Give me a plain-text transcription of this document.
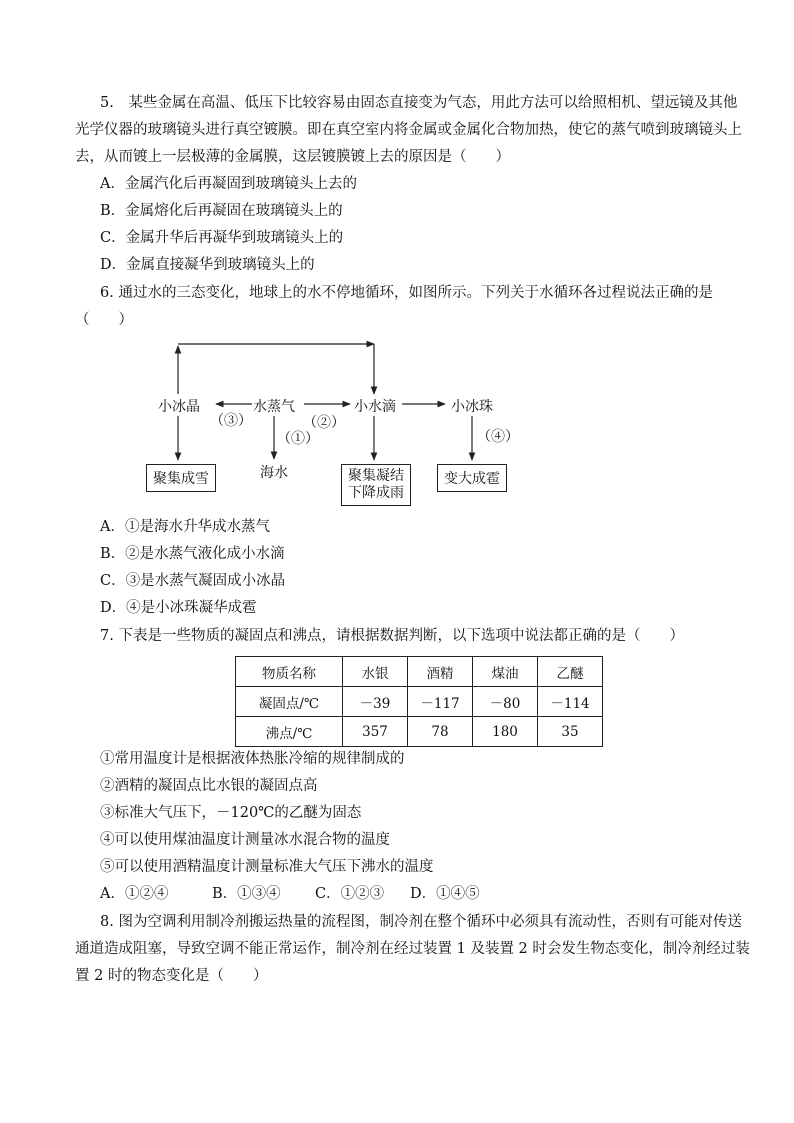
5.　某些金属在高温、低压下比较容易由固态直接变为气态，用此方法可以给照相机、望远镜及其他
光学仪器的玻璃镜头进行真空镀膜。即在真空室内将金属或金属化合物加热，使它的蒸气喷到玻璃镜头上
去，从而镀上一层极薄的金属膜，这层镀膜镀上去的原因是（　　）
A．金属汽化后再凝固到玻璃镜头上去的
B．金属熔化后再凝固在玻璃镜头上的
C．金属升华后再凝华到玻璃镜头上的
D．金属直接凝华到玻璃镜头上的
6. 通过水的三态变化，地球上的水不停地循环，如图所示。下列关于水循环各过程说法正确的是
（　　）
小冰晶	水蒸气	小水滴	小冰珠
（③）	（②）
（①）	（④）
海水
聚集成雪	聚集凝结
下降成雨
变大成雹
A．①是海水升华成水蒸气
B．②是水蒸气液化成小水滴
C．③是水蒸气凝固成小冰晶
D．④是小冰珠凝华成雹
7. 下表是一些物质的凝固点和沸点，请根据数据判断，以下选项中说法都正确的是（　　）
物质名称	水银	酒精	煤油	乙醚
凝固点/℃	－39	－117	－80	－114
沸点/℃	357	78	180	35
①常用温度计是根据液体热胀冷缩的规律制成的
②酒精的凝固点比水银的凝固点高
③标准大气压下，－120℃的乙醚为固态
④可以使用煤油温度计测量冰水混合物的温度
⑤可以使用酒精温度计测量标准大气压下沸水的温度
A．①②④	B．①③④ C．①②③ D．①④⑤
8. 图为空调利用制冷剂搬运热量的流程图，制冷剂在整个循环中必须具有流动性，否则有可能对传送
通道造成阻塞，导致空调不能正常运作，制冷剂在经过装置 1 及装置 2 时会发生物态变化，制冷剂经过装
置 2 时的物态变化是（　　）
